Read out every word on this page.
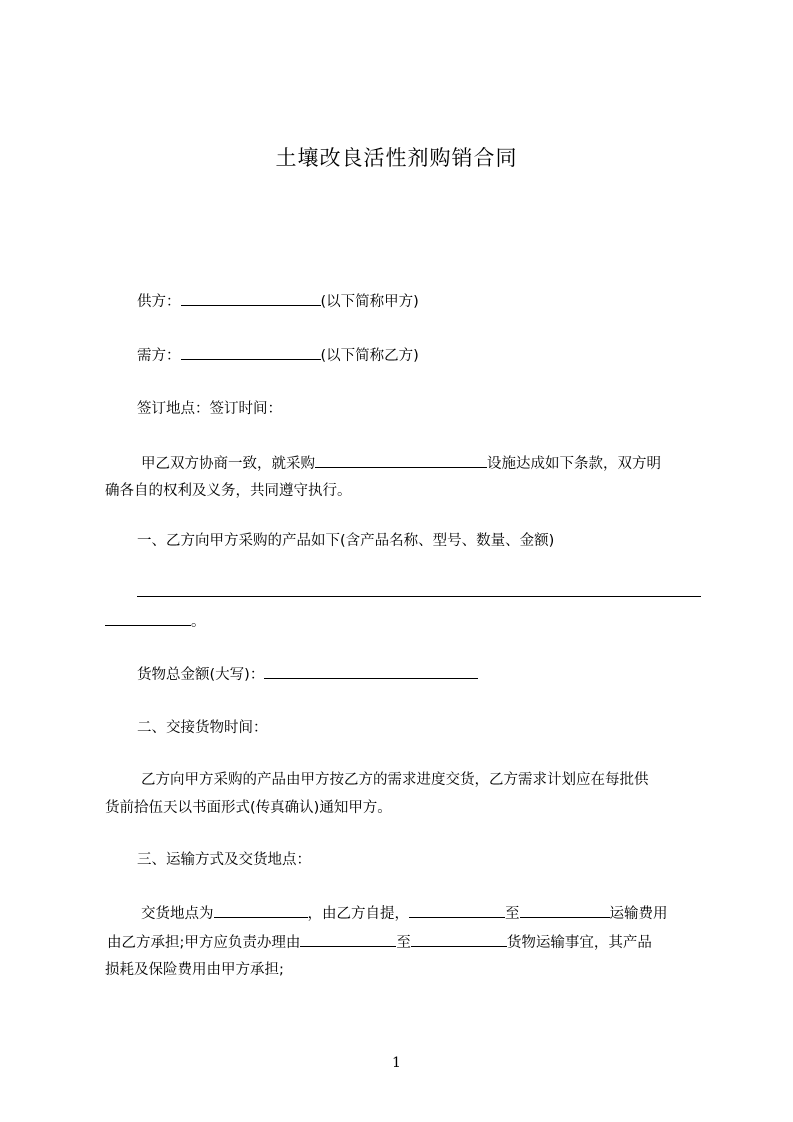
土壤改良活性剂购销合同
供方：	(以下简称甲方)
需方：	(以下简称乙方)
签订地点：签订时间：
甲乙双方协商一致，就采购	设施达成如下条款，双方明
确各自的权利及义务，共同遵守执行。
一、乙方向甲方采购的产品如下(含产品名称、型号、数量、金额)
。
货物总金额(大写)：
二、交接货物时间：
乙方向甲方采购的产品由甲方按乙方的需求进度交货，乙方需求计划应在每批供
货前拾伍天以书面形式(传真确认)通知甲方。
三、运输方式及交货地点：
交货地点为	，由乙方自提，	至	运输费用
由乙方承担;甲方应负责办理由	至	货物运输事宜，其产品
损耗及保险费用由甲方承担;
1
